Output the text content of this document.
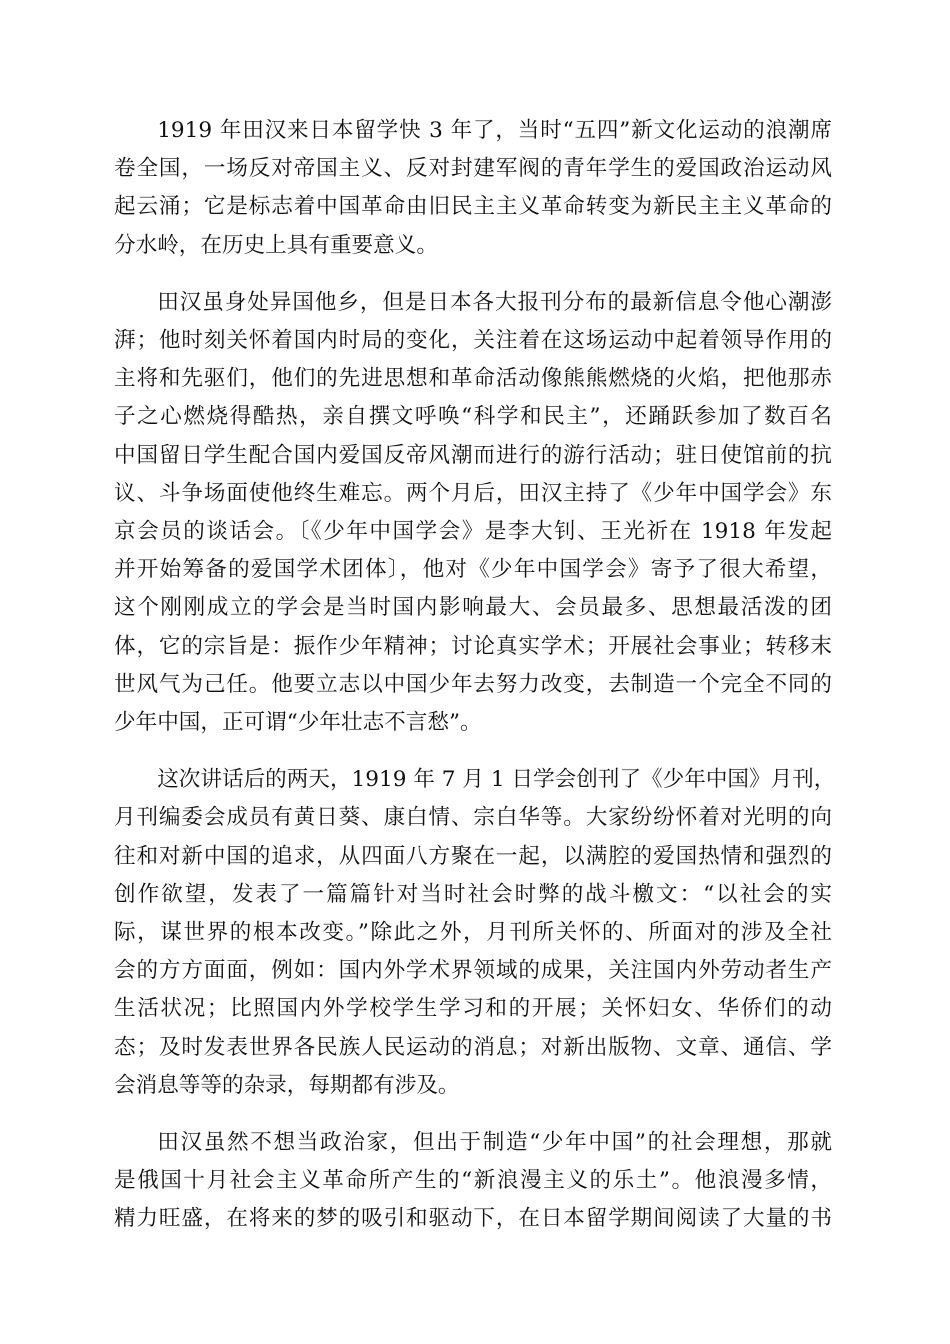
1919 年田汉来日本留学快 3 年了，当时“五四”新文化运动的浪潮席
卷全国，一场反对帝国主义、反对封建军阀的青年学生的爱国政治运动风
起云涌；它是标志着中国革命由旧民主主义革命转变为新民主主义革命的
分水岭，在历史上具有重要意义。
田汉虽身处异国他乡，但是日本各大报刊分布的最新信息令他心潮澎
湃；他时刻关怀着国内时局的变化，关注着在这场运动中起着领导作用的
主将和先驱们，他们的先进思想和革命活动像熊熊燃烧的火焰，把他那赤
子之心燃烧得酷热，亲自撰文呼唤“科学和民主”，还踊跃参加了数百名
中国留日学生配合国内爱国反帝风潮而进行的游行活动；驻日使馆前的抗
议、斗争场面使他终生难忘。两个月后，田汉主持了《少年中国学会》东
京会员的谈话会。〔《少年中国学会》是李大钊、王光祈在 1918 年发起
并开始筹备的爱国学术团体〕，他对《少年中国学会》寄予了很大希望，
这个刚刚成立的学会是当时国内影响最大、会员最多、思想最活泼的团
体，它的宗旨是：振作少年精神；讨论真实学术；开展社会事业；转移末
世风气为己任。他要立志以中国少年去努力改变，去制造一个完全不同的
少年中国，正可谓“少年壮志不言愁”。
这次讲话后的两天，1919 年 7 月 1 日学会创刊了《少年中国》月刊，
月刊编委会成员有黄日葵、康白情、宗白华等。大家纷纷怀着对光明的向
往和对新中国的追求，从四面八方聚在一起，以满腔的爱国热情和强烈的
创作欲望，发表了一篇篇针对当时社会时弊的战斗檄文：“以社会的实
际，谋世界的根本改变。”除此之外，月刊所关怀的、所面对的涉及全社
会的方方面面，例如：国内外学术界领域的成果，关注国内外劳动者生产
生活状况；比照国内外学校学生学习和的开展；关怀妇女、华侨们的动
态；及时发表世界各民族人民运动的消息；对新出版物、文章、通信、学
会消息等等的杂录，每期都有涉及。
田汉虽然不想当政治家，但出于制造“少年中国”的社会理想，那就
是俄国十月社会主义革命所产生的“新浪漫主义的乐土”。他浪漫多情，
精力旺盛，在将来的梦的吸引和驱动下，在日本留学期间阅读了大量的书
